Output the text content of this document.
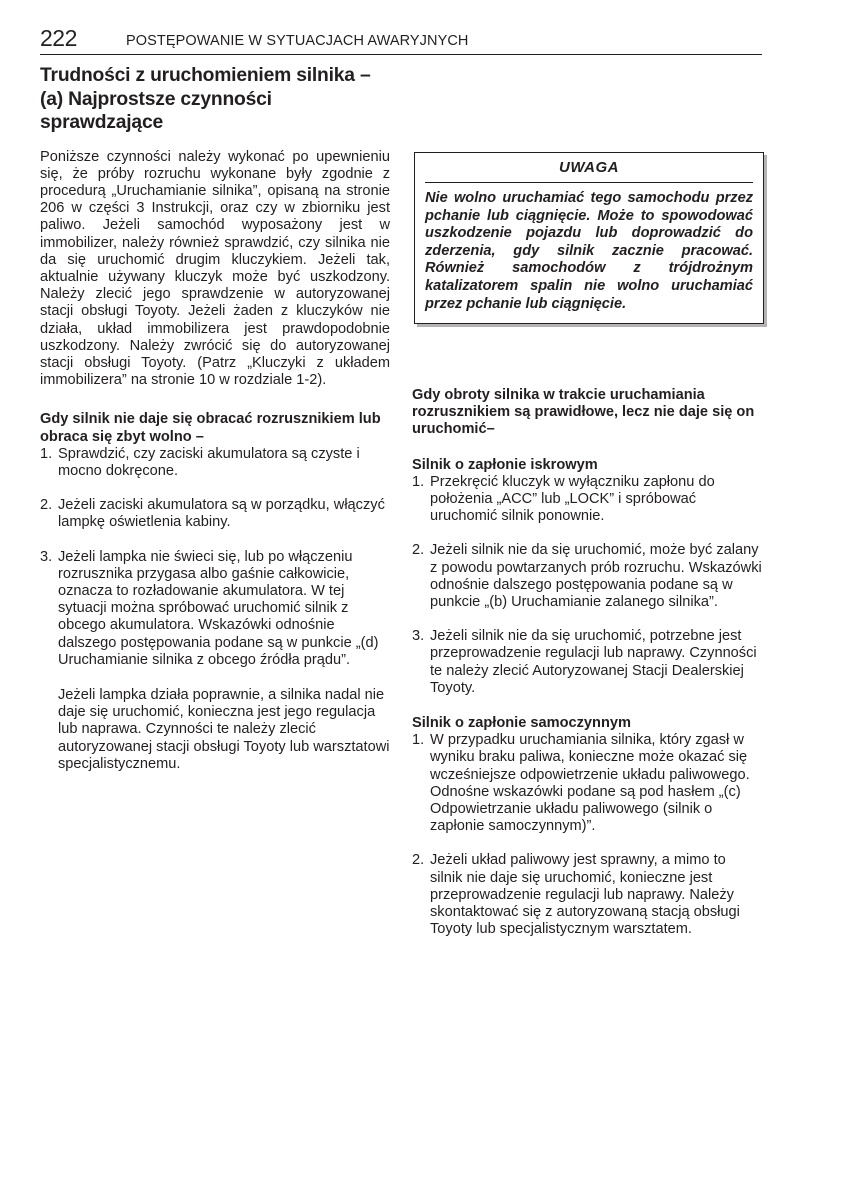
222	POSTĘPOWANIE W SYTUACJACH AWARYJNYCH
Trudności z uruchomieniem silnika – (a) Najprostsze czynności sprawdzające

Poniższe czynności należy wykonać po upewnieniu się, że próby rozruchu wykonane były zgodnie z procedurą „Uruchamianie silnika”, opisaną na stronie 206 w części 3 Instrukcji, oraz czy w zbiorniku jest paliwo. Jeżeli samochód wyposażony jest w immobilizer, należy również sprawdzić, czy silnika nie da się uruchomić drugim kluczykiem. Jeżeli tak, aktualnie używany kluczyk może być uszkodzony. Należy zlecić jego sprawdzenie w autoryzowanej stacji obsługi Toyoty. Jeżeli żaden z kluczyków nie działa, układ immobilizera jest prawdopodobnie uszkodzony. Należy zwrócić się do autoryzowanej stacji obsługi Toyoty. (Patrz „Kluczyki z układem immobilizera” na stronie 10 w rozdziale 1-2).

Gdy silnik nie daje się obracać rozrusznikiem lub obraca się zbyt wolno –

1. Sprawdzić, czy zaciski akumulatora są czyste i mocno dokręcone.
2. Jeżeli zaciski akumulatora są w porządku, włączyć lampkę oświetlenia kabiny.
3. Jeżeli lampka nie świeci się, lub po włączeniu rozrusznika przygasa albo gaśnie całkowicie, oznacza to rozładowanie akumulatora. W tej sytuacji można spróbować uruchomić silnik z obcego akumulatora. Wskazówki odnośnie dalszego postępowania podane są w punkcie „(d) Uruchamianie silnika z obcego źródła prądu”.

Jeżeli lampka działa poprawnie, a silnika nadal nie daje się uruchomić, konieczna jest jego regulacja lub naprawa. Czynności te należy zlecić autoryzowanej stacji obsługi Toyoty lub warsztatowi specjalistycznemu.

UWAGA
Nie wolno uruchamiać tego samochodu przez pchanie lub ciągnięcie. Może to spowodować uszkodzenie pojazdu lub doprowadzić do zderzenia, gdy silnik zacznie pracować. Również samochodów z trójdrożnym katalizatorem spalin nie wolno uruchamiać przez pchanie lub ciągnięcie.

Gdy obroty silnika w trakcie uruchamiania rozrusznikiem są prawidłowe, lecz nie daje się on uruchomić–

Silnik o zapłonie iskrowym

1. Przekręcić kluczyk w wyłączniku zapłonu do położenia „ACC” lub „LOCK” i spróbować uruchomić silnik ponownie.
2. Jeżeli silnik nie da się uruchomić, może być zalany z powodu powtarzanych prób rozruchu. Wskazówki odnośnie dalszego postępowania podane są w punkcie „(b) Uruchamianie zalanego silnika”.
3. Jeżeli silnik nie da się uruchomić, potrzebne jest przeprowadzenie regulacji lub naprawy. Czynności te należy zlecić Autoryzowanej Stacji Dealerskiej Toyoty.

Silnik o zapłonie samoczynnym

1. W przypadku uruchamiania silnika, który zgasł w wyniku braku paliwa, konieczne może okazać się wcześniejsze odpowietrzenie układu paliwowego. Odnośne wskazówki podane są pod hasłem „(c) Odpowietrzanie układu paliwowego (silnik o zapłonie samoczynnym)”.
2. Jeżeli układ paliwowy jest sprawny, a mimo to silnik nie daje się uruchomić, konieczne jest przeprowadzenie regulacji lub naprawy. Należy skontaktować się z autoryzowaną stacją obsługi Toyoty lub specjalistycznym warsztatem.
